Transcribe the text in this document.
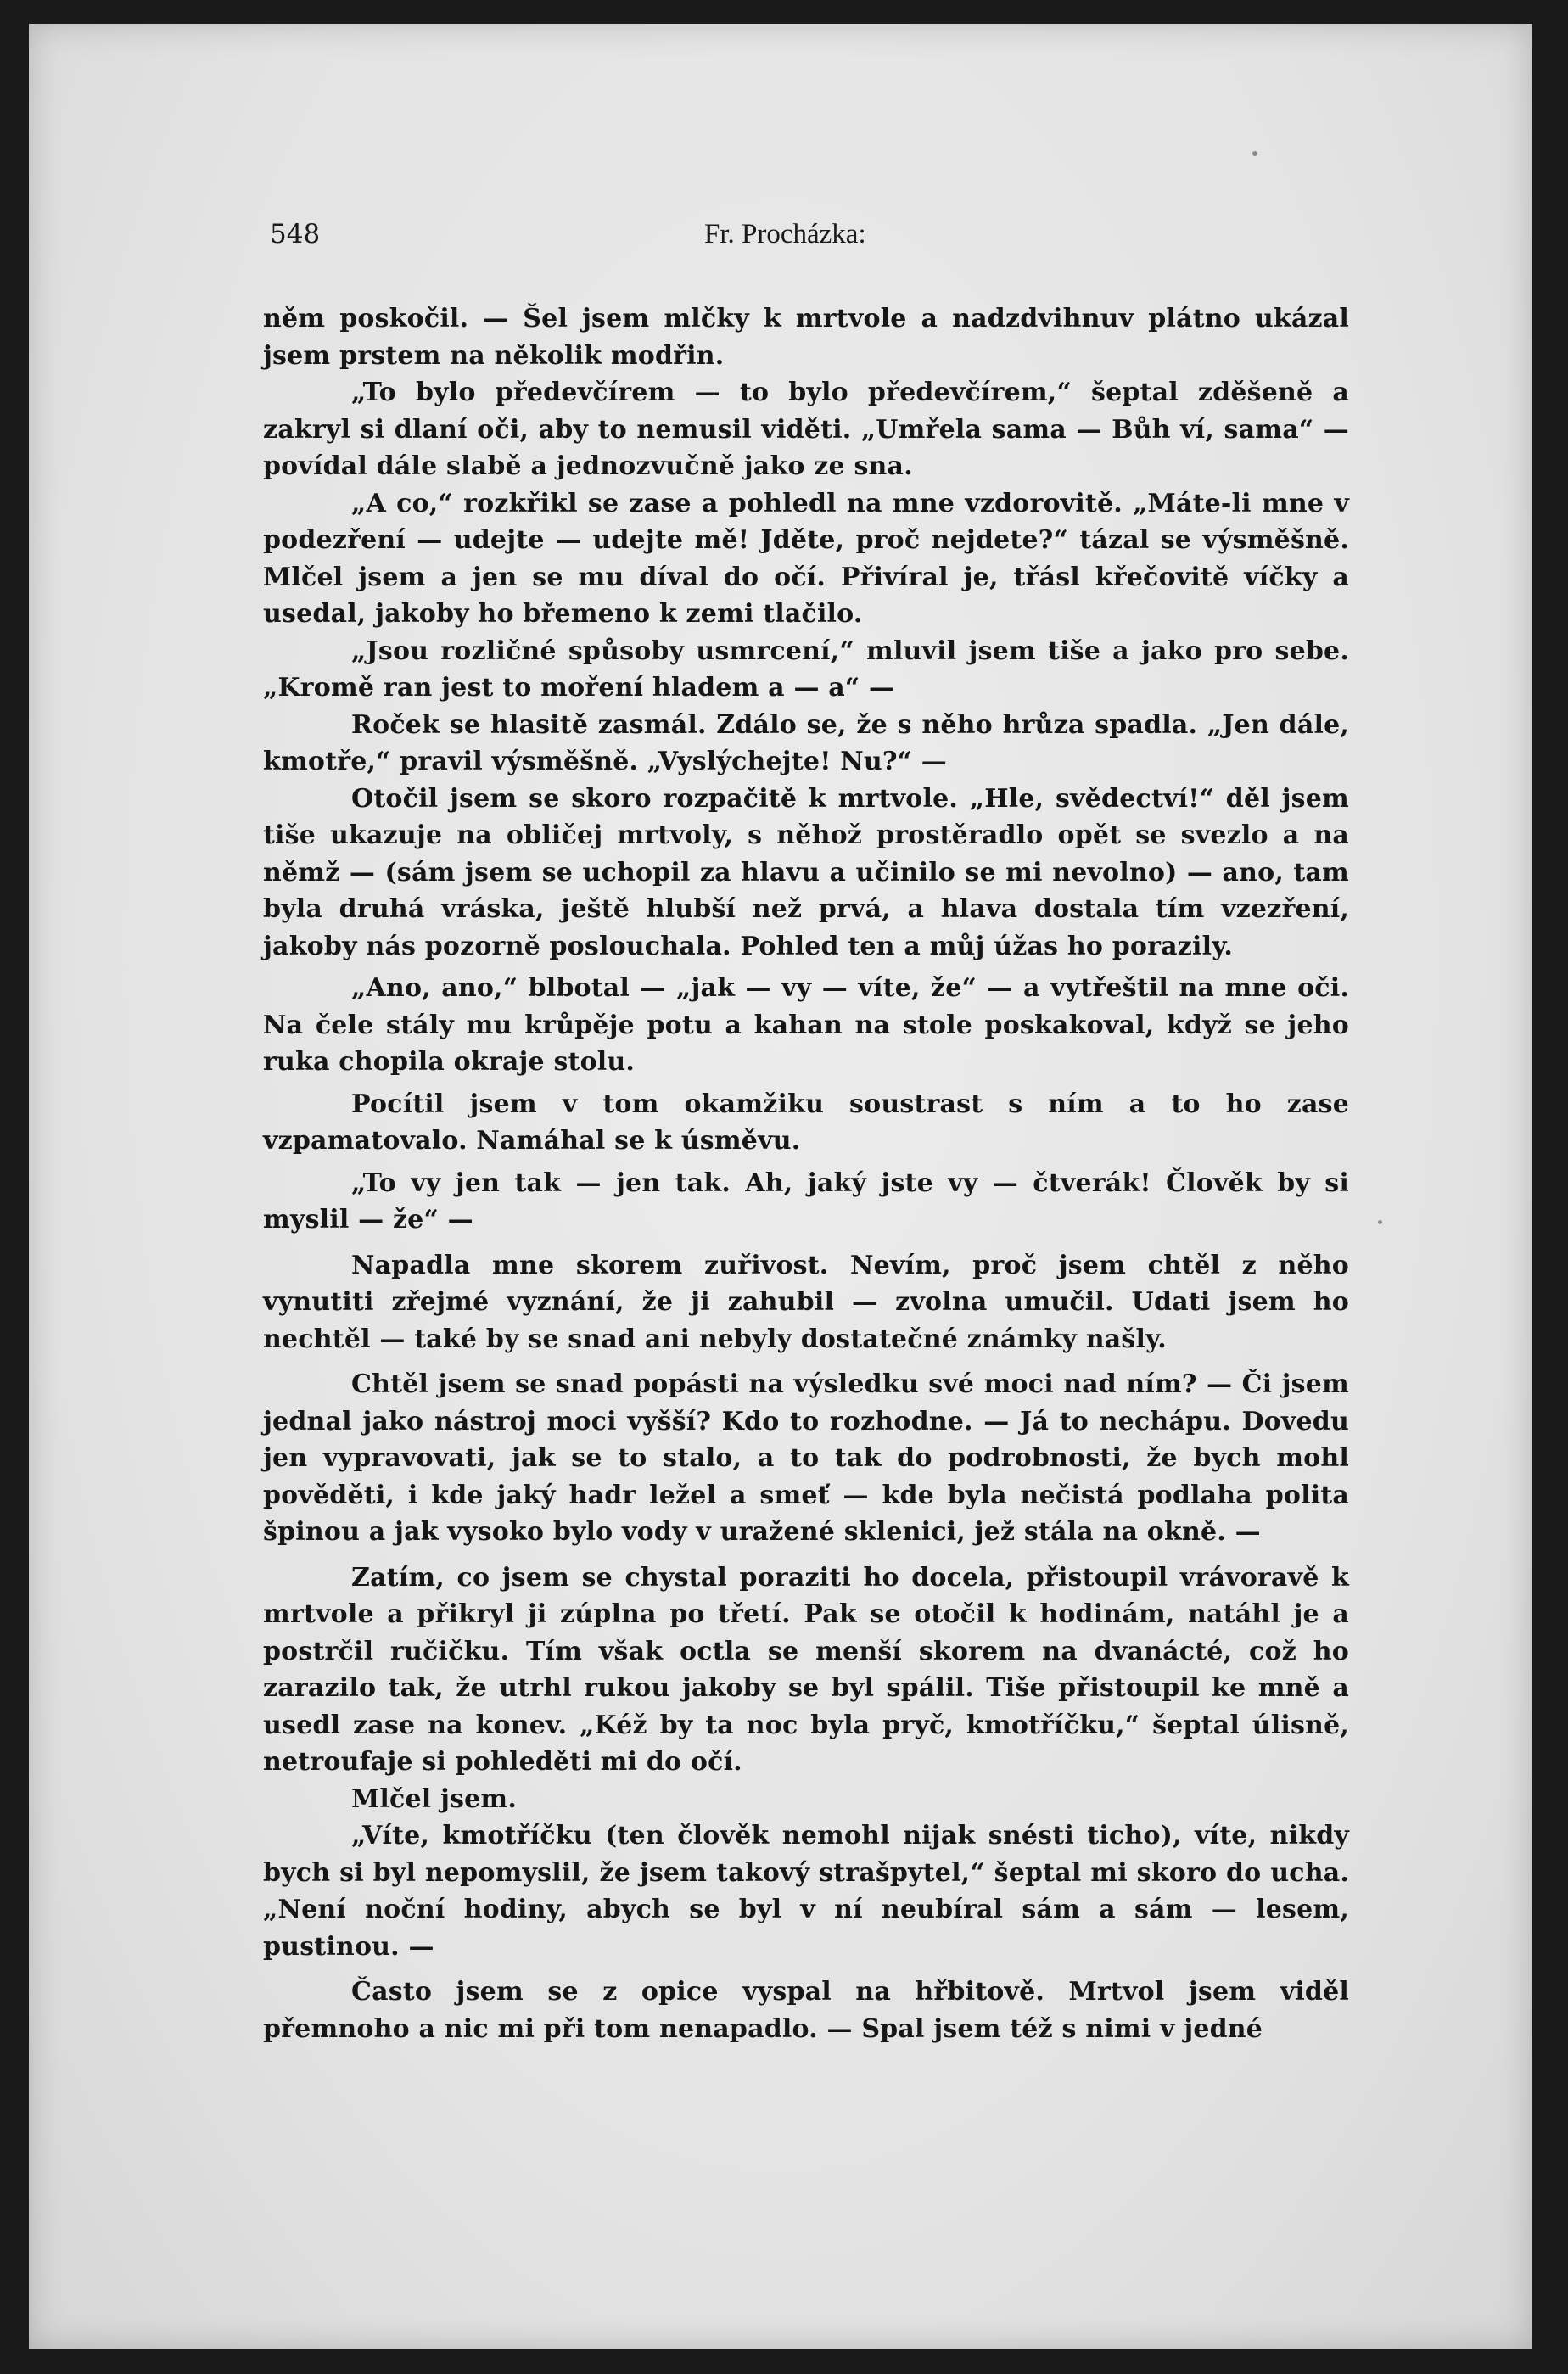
548	Fr. Procházka:

něm poskočil. — Šel jsem mlčky k mrtvole a nadzdvihnuv plátno ukázal jsem prstem na několik modřin.

„To bylo předevčírem — to bylo předevčírem,“ šeptal zděšeně a zakryl si dlaní oči, aby to nemusil viděti. „Umřela sama — Bůh ví, sama“ — povídal dále slabě a jednozvučně jako ze sna.

„A co,“ rozkřikl se zase a pohledl na mne vzdorovitě. „Máte-li mne v podezření — udejte — udejte mě! Jděte, proč nejdete?“ tázal se výsměšně. Mlčel jsem a jen se mu díval do očí. Přivíral je, třásl křečovitě víčky a usedal, jakoby ho břemeno k zemi tlačilo.

„Jsou rozličné spůsoby usmrcení,“ mluvil jsem tiše a jako pro sebe. „Kromě ran jest to moření hladem a — a“ —

Roček se hlasitě zasmál. Zdálo se, že s něho hrůza spadla. „Jen dále, kmotře,“ pravil výsměšně. „Vyslýchejte! Nu?“ —

Otočil jsem se skoro rozpačitě k mrtvole. „Hle, svědectví!“ děl jsem tiše ukazuje na obličej mrtvoly, s něhož prostěradlo opět se svezlo a na němž — (sám jsem se uchopil za hlavu a učinilo se mi nevolno) — ano, tam byla druhá vráska, ještě hlubší než prvá, a hlava dostala tím vzezření, jakoby nás pozorně poslouchala. Pohled ten a můj úžas ho porazily.

„Ano, ano,“ blbotal — „jak — vy — víte, že“ — a vytřeštil na mne oči. Na čele stály mu krůpěje potu a kahan na stole poskakoval, když se jeho ruka chopila okraje stolu.

Pocítil jsem v tom okamžiku soustrast s ním a to ho zase vzpamatovalo. Namáhal se k úsměvu.

„To vy jen tak — jen tak. Ah, jaký jste vy — čtverák! Člověk by si myslil — že“ —

Napadla mne skorem zuřivost. Nevím, proč jsem chtěl z něho vynutiti zřejmé vyznání, že ji zahubil — zvolna umučil. Udati jsem ho nechtěl — také by se snad ani nebyly dostatečné známky našly.

Chtěl jsem se snad popásti na výsledku své moci nad ním? — Či jsem jednal jako nástroj moci vyšší? Kdo to rozhodne. — Já to nechápu. Dovedu jen vypravovati, jak se to stalo, a to tak do podrobnosti, že bych mohl pověděti, i kde jaký hadr ležel a smeť — kde byla nečistá podlaha polita špinou a jak vysoko bylo vody v uražené sklenici, jež stála na okně. —

Zatím, co jsem se chystal poraziti ho docela, přistoupil vrávoravě k mrtvole a přikryl ji zúplna po třetí. Pak se otočil k hodinám, natáhl je a postrčil ručičku. Tím však octla se menší skorem na dvanácté, což ho zarazilo tak, že utrhl rukou jakoby se byl spálil. Tiše přistoupil ke mně a usedl zase na konev. „Kéž by ta noc byla pryč, kmotříčku,“ šeptal úlisně, netroufaje si pohleděti mi do očí.

Mlčel jsem.

„Víte, kmotříčku (ten člověk nemohl nijak snésti ticho), víte, nikdy bych si byl nepomyslil, že jsem takový strašpytel,“ šeptal mi skoro do ucha. „Není noční hodiny, abych se byl v ní neubíral sám a sám — lesem, pustinou. —

Často jsem se z opice vyspal na hřbitově. Mrtvol jsem viděl přemnoho a nic mi při tom nenapadlo. — Spal jsem též s nimi v jedné
